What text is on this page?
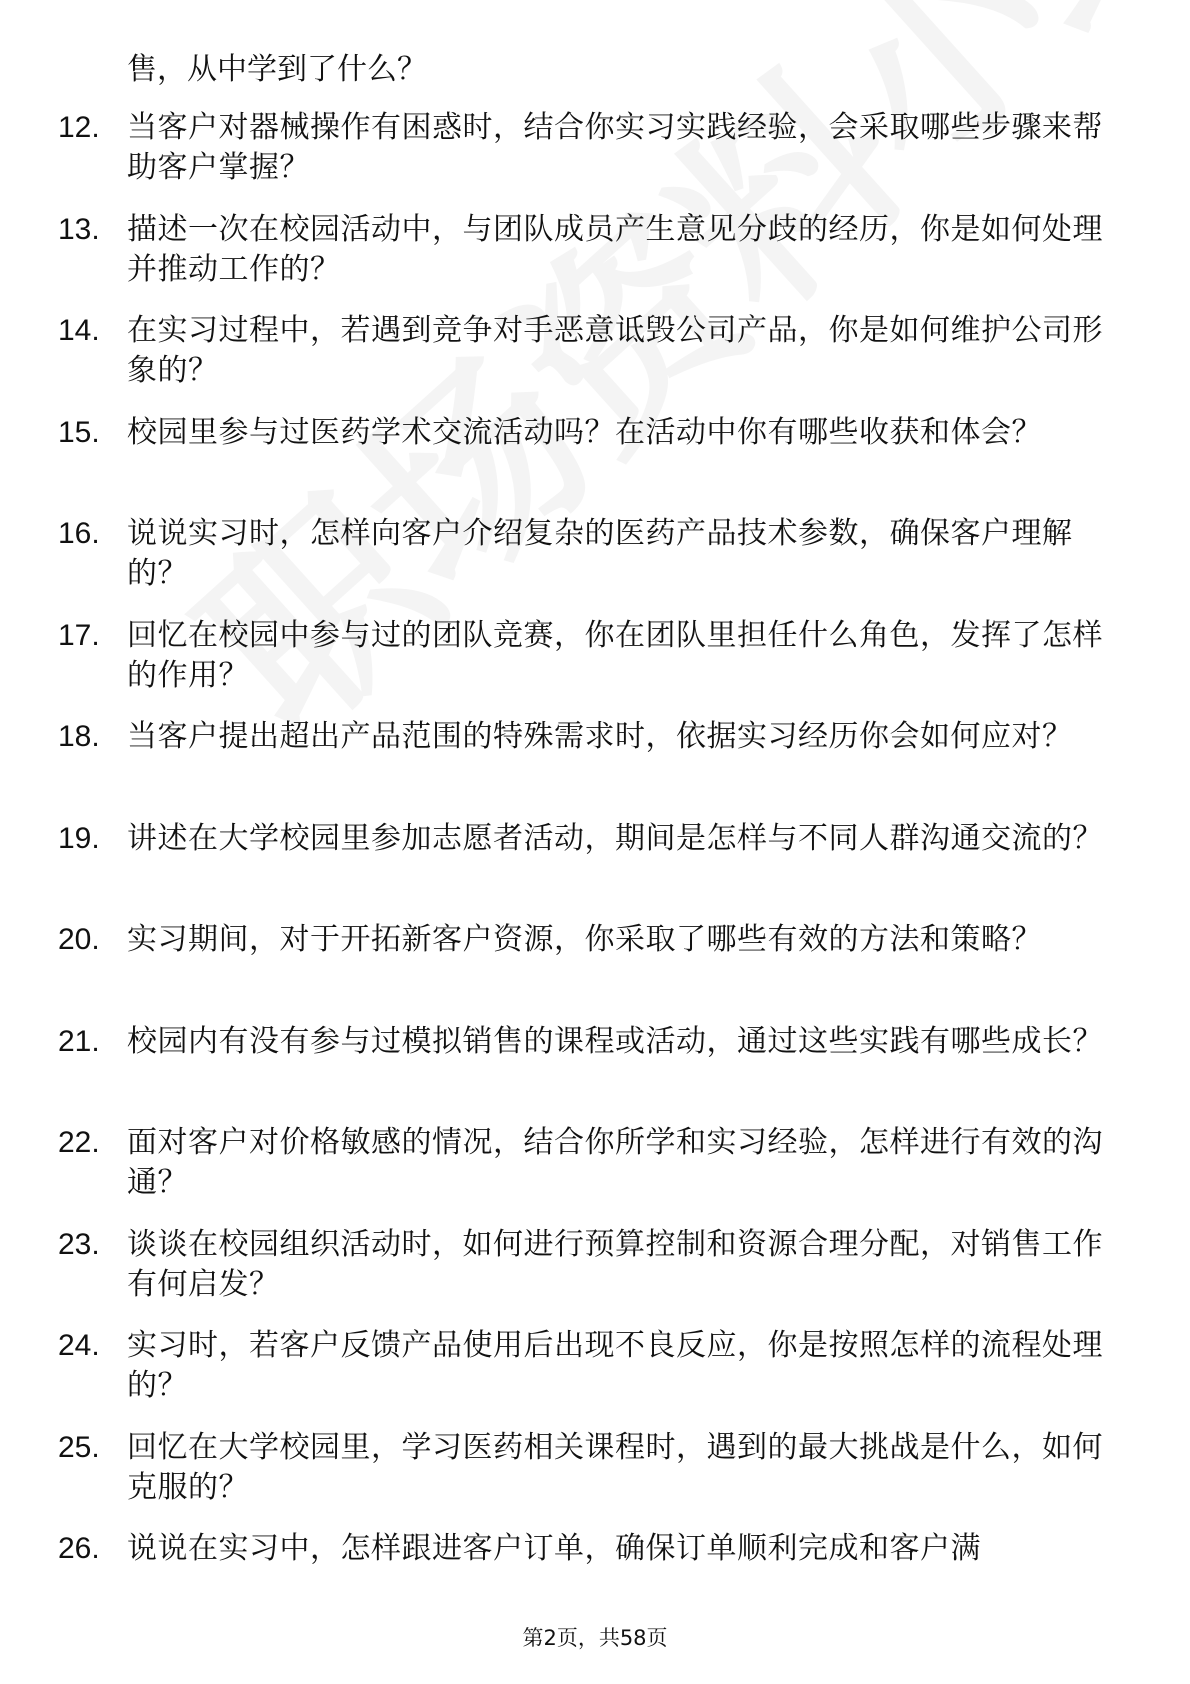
售，从中学到了什么？
12. 当客户对器械操作有困惑时，结合你实习实践经验，会采取哪些步骤来帮助客户掌握？
13. 描述一次在校园活动中，与团队成员产生意见分歧的经历，你是如何处理并推动工作的？
14. 在实习过程中，若遇到竞争对手恶意诋毁公司产品，你是如何维护公司形象的？
15. 校园里参与过医药学术交流活动吗？在活动中你有哪些收获和体会？
16. 说说实习时，怎样向客户介绍复杂的医药产品技术参数，确保客户理解的？
17. 回忆在校园中参与过的团队竞赛，你在团队里担任什么角色，发挥了怎样的作用？
18. 当客户提出超出产品范围的特殊需求时，依据实习经历你会如何应对？
19. 讲述在大学校园里参加志愿者活动，期间是怎样与不同人群沟通交流的？
20. 实习期间，对于开拓新客户资源，你采取了哪些有效的方法和策略？
21. 校园内有没有参与过模拟销售的课程或活动，通过这些实践有哪些成长？
22. 面对客户对价格敏感的情况，结合你所学和实习经验，怎样进行有效的沟通？
23. 谈谈在校园组织活动时，如何进行预算控制和资源合理分配，对销售工作有何启发？
24. 实习时，若客户反馈产品使用后出现不良反应，你是按照怎样的流程处理的？
25. 回忆在大学校园里，学习医药相关课程时，遇到的最大挑战是什么，如何克服的？
26. 说说在实习中，怎样跟进客户订单，确保订单顺利完成和客户满
第2页，共58页
